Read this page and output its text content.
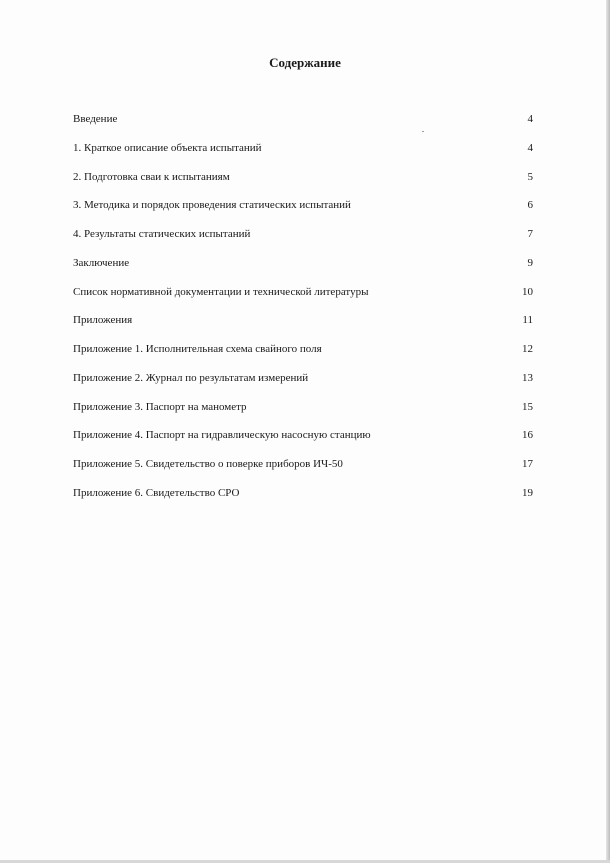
Содержание
Введение	4
1. Краткое описание объекта испытаний	4
2. Подготовка сваи к испытаниям	5
3. Методика и порядок проведения статических испытаний	6
4. Результаты статических испытаний	7
Заключение	9
Список нормативной документации и технической литературы	10
Приложения	11
Приложение 1. Исполнительная схема свайного поля	12
Приложение 2. Журнал по результатам измерений	13
Приложение 3. Паспорт на манометр	15
Приложение 4. Паспорт на гидравлическую насосную станцию	16
Приложение 5. Свидетельство о поверке приборов ИЧ-50	17
Приложение 6. Свидетельство СРО	19
